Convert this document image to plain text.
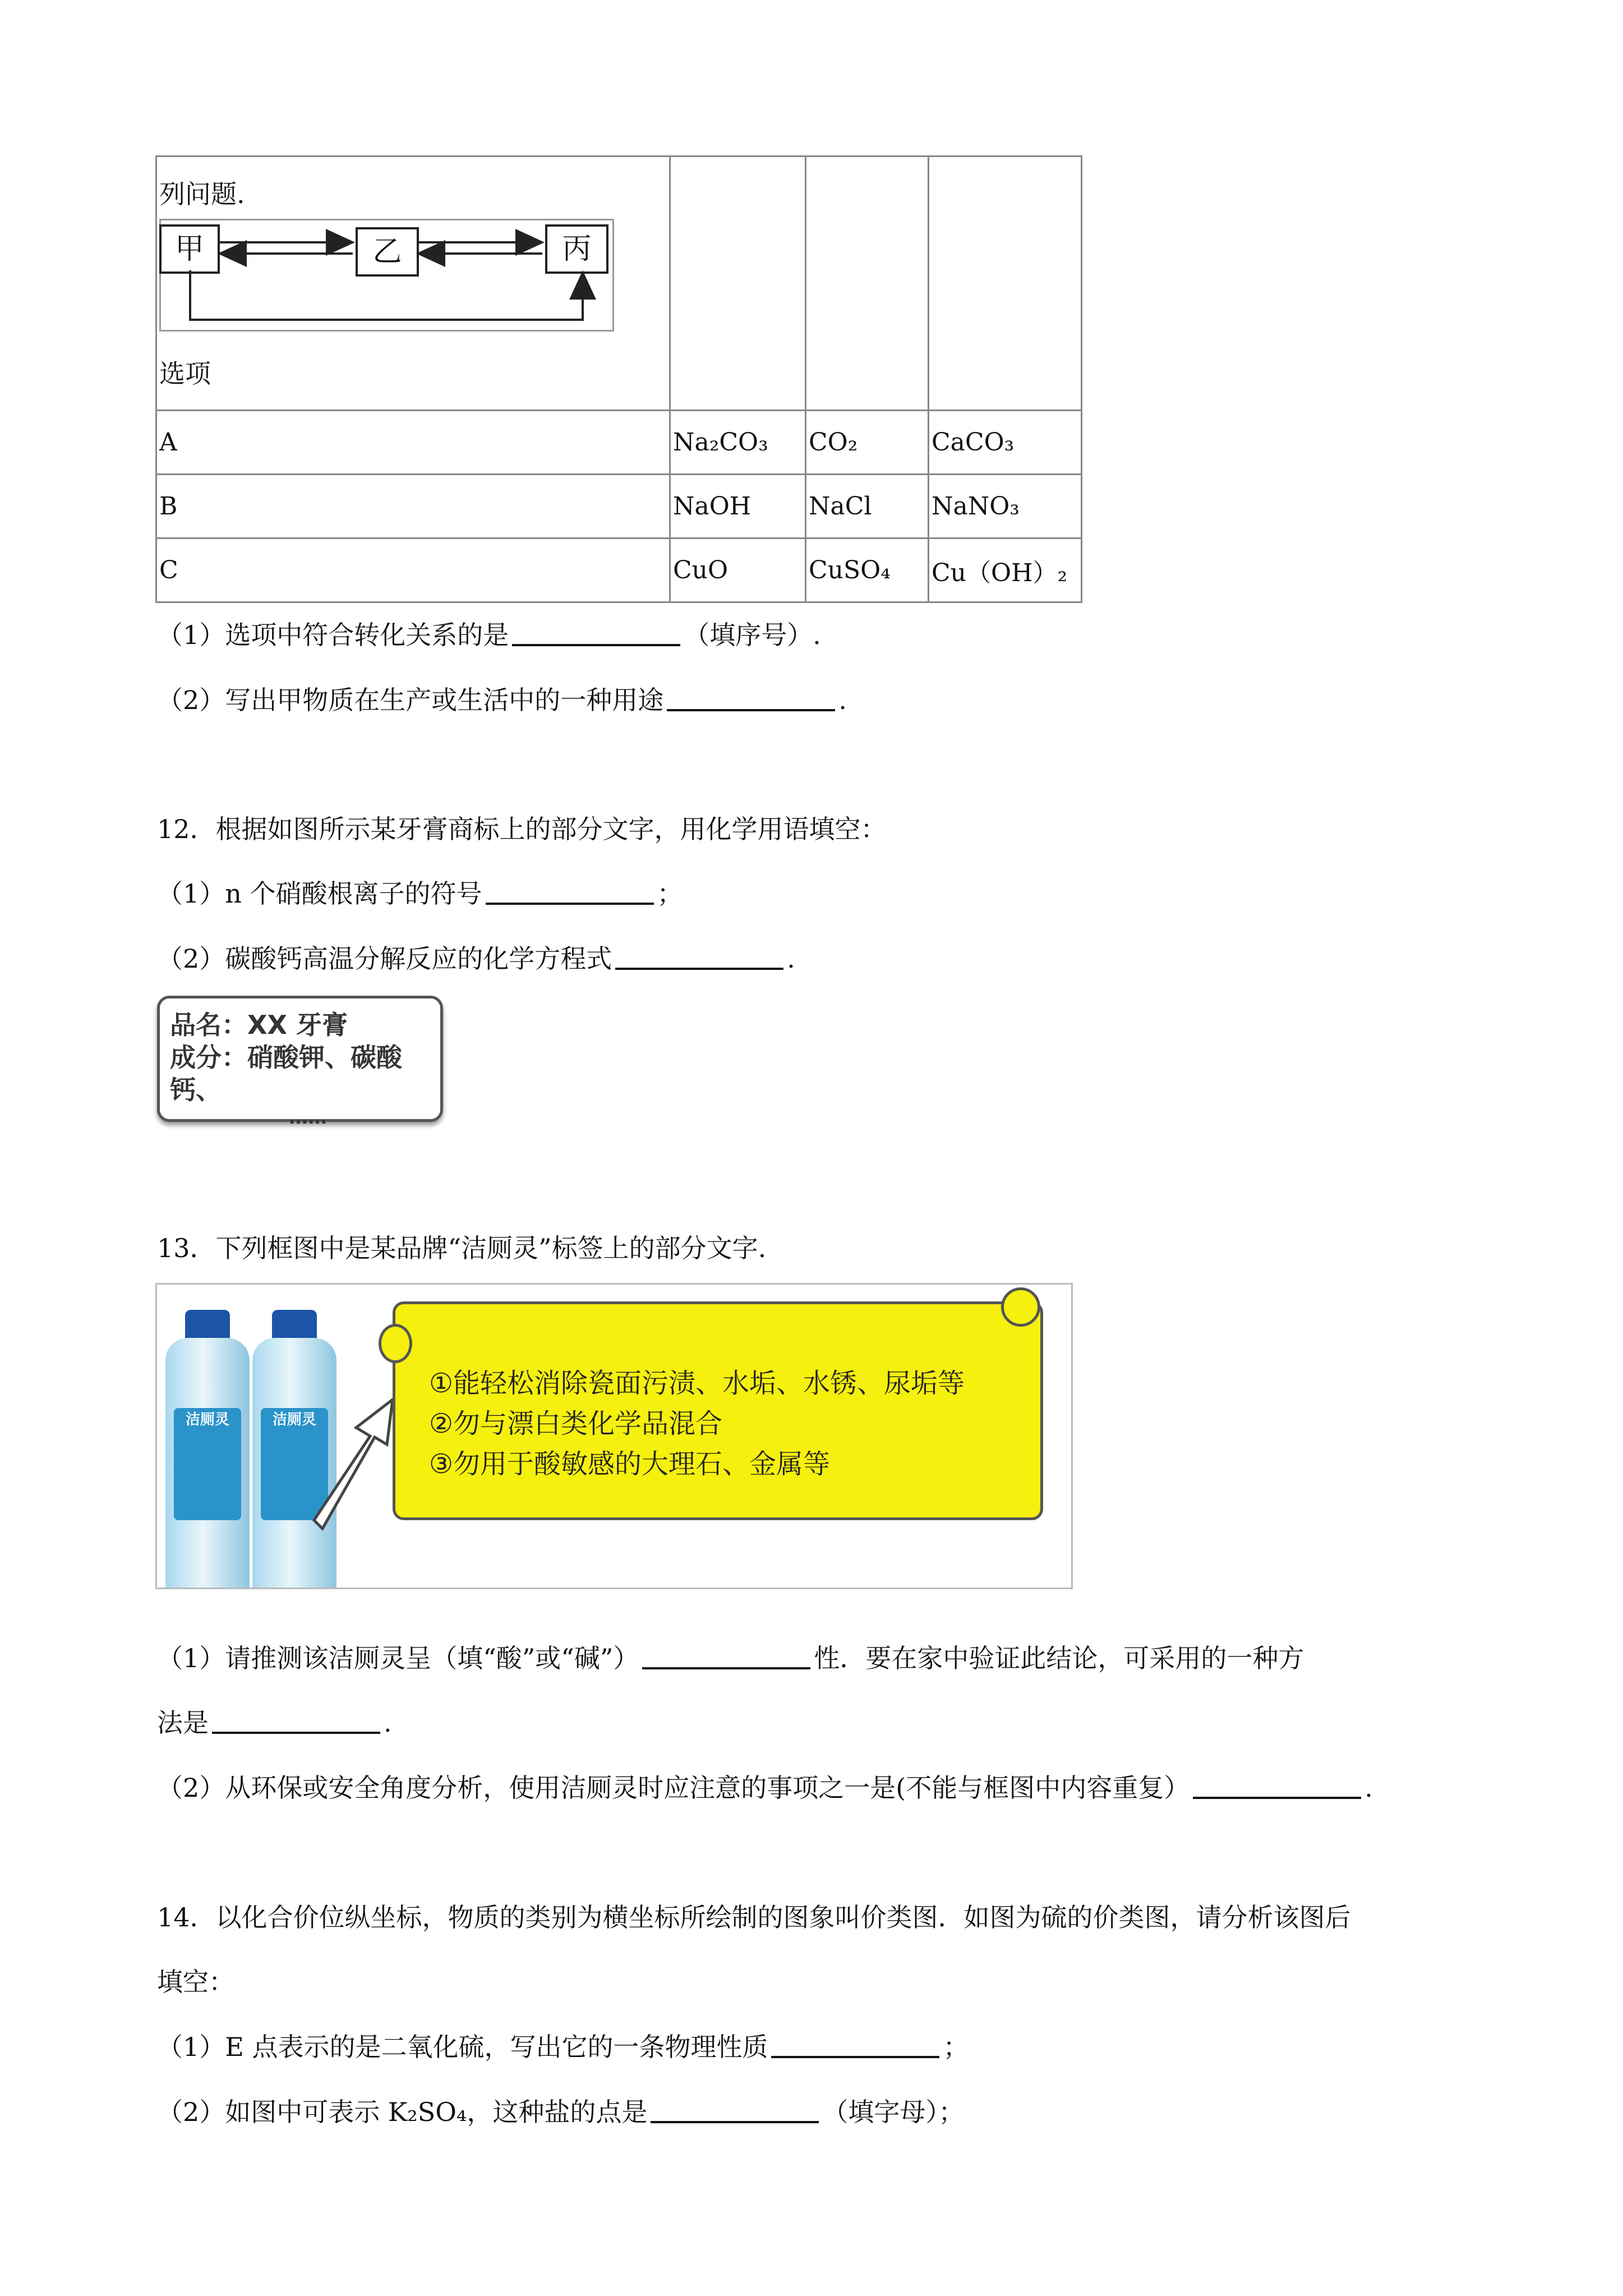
列问题.
甲 乙 丙
选项			

A	Na₂CO₃	CO₂	CaCO₃
B	NaOH	NaCl	NaNO₃
C	CuO	CuSO₄	Cu（OH）₂
（1）选项中符合转化关系的是	（填序号）.
（2）写出甲物质在生产或生活中的一种用途	.
12．根据如图所示某牙膏商标上的部分文字，用化学用语填空：
（1）n 个硝酸根离子的符号	；
（2）碳酸钙高温分解反应的化学方程式	.
品名：XX 牙膏
成分：硝酸钾、碳酸钙、
……
13．下列框图中是某品牌“洁厕灵”标签上的部分文字.
洁厕灵	洁厕灵
①能轻松消除瓷面污渍、水垢、水锈、尿垢等
②勿与漂白类化学品混合
③勿用于酸敏感的大理石、金属等
（1）请推测该洁厕灵呈（填“酸”或“碱”）	性．要在家中验证此结论，可采用的一种方
法是	.
（2）从环保或安全角度分析，使用洁厕灵时应注意的事项之一是(不能与框图中内容重复）	.
14．以化合价位纵坐标，物质的类别为横坐标所绘制的图象叫价类图．如图为硫的价类图，请分析该图后
填空：
（1）E 点表示的是二氧化硫，写出它的一条物理性质	；
（2）如图中可表示 K₂SO₄，这种盐的点是	（填字母）；
